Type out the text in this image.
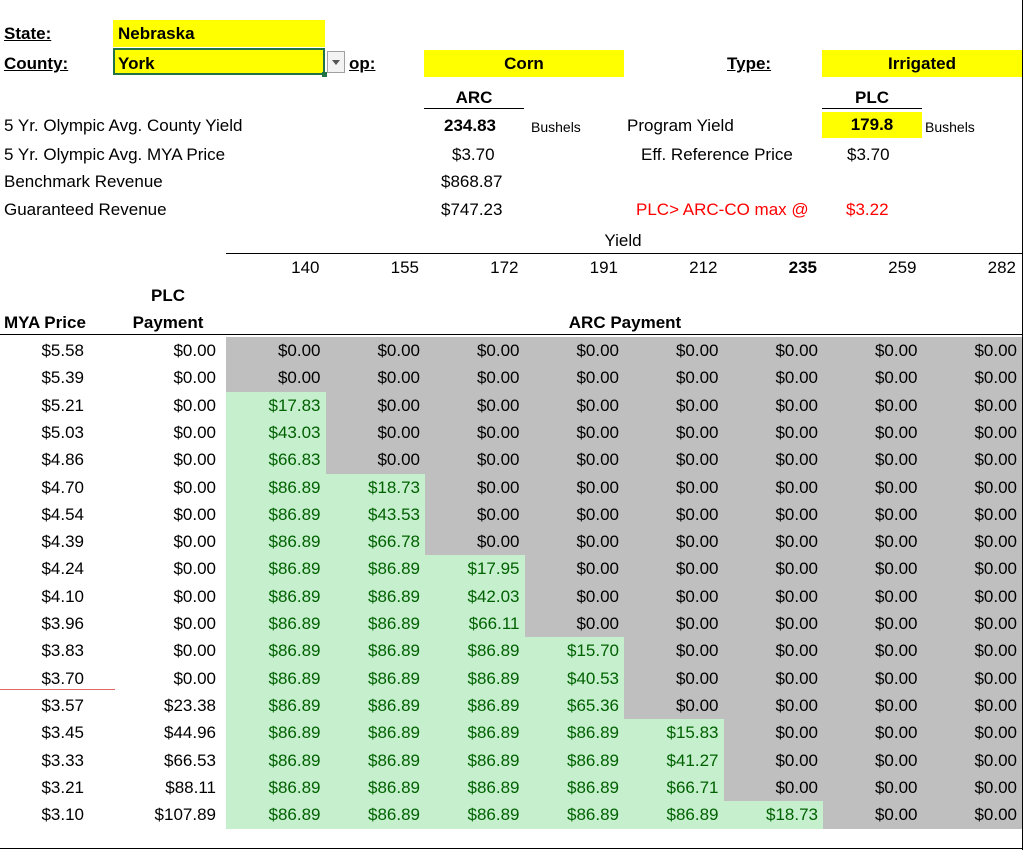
State:	Nebraska
County:	York	op:	Corn	Type:	Irrigated
ARC	PLC
5 Yr. Olympic Avg. County Yield	234.83	Bushels	Program Yield	179.8	Bushels
5 Yr. Olympic Avg. MYA Price	$3.70	Eff. Reference Price	$3.70
Benchmark Revenue	$868.87
Guaranteed Revenue	$747.23	PLC> ARC-CO max @ $3.22
Yield
140	155	172	191	212	235	259	282
PLC
MYA Price	Payment	ARC Payment
$5.58	$0.00	$0.00	$0.00	$0.00	$0.00	$0.00	$0.00	$0.00	$0.00
$5.39	$0.00	$0.00	$0.00	$0.00	$0.00	$0.00	$0.00	$0.00	$0.00
$5.21	$0.00	$17.83	$0.00	$0.00	$0.00	$0.00	$0.00	$0.00	$0.00
$5.03	$0.00	$43.03	$0.00	$0.00	$0.00	$0.00	$0.00	$0.00	$0.00
$4.86	$0.00	$66.83	$0.00	$0.00	$0.00	$0.00	$0.00	$0.00	$0.00
$4.70	$0.00	$86.89	$18.73	$0.00	$0.00	$0.00	$0.00	$0.00	$0.00
$4.54	$0.00	$86.89	$43.53	$0.00	$0.00	$0.00	$0.00	$0.00	$0.00
$4.39	$0.00	$86.89	$66.78	$0.00	$0.00	$0.00	$0.00	$0.00	$0.00
$4.24	$0.00	$86.89	$86.89	$17.95	$0.00	$0.00	$0.00	$0.00	$0.00
$4.10	$0.00	$86.89	$86.89	$42.03	$0.00	$0.00	$0.00	$0.00	$0.00
$3.96	$0.00	$86.89	$86.89	$66.11	$0.00	$0.00	$0.00	$0.00	$0.00
$3.83	$0.00	$86.89	$86.89	$86.89	$15.70	$0.00	$0.00	$0.00	$0.00
$3.70	$0.00	$86.89	$86.89	$86.89	$40.53	$0.00	$0.00	$0.00	$0.00
$3.57	$23.38	$86.89	$86.89	$86.89	$65.36	$0.00	$0.00	$0.00	$0.00
$3.45	$44.96	$86.89	$86.89	$86.89	$86.89	$15.83	$0.00	$0.00	$0.00
$3.33	$66.53	$86.89	$86.89	$86.89	$86.89	$41.27	$0.00	$0.00	$0.00
$3.21	$88.11	$86.89	$86.89	$86.89	$86.89	$66.71	$0.00	$0.00	$0.00
$3.10	$107.89	$86.89	$86.89	$86.89	$86.89	$86.89	$18.73	$0.00	$0.00
